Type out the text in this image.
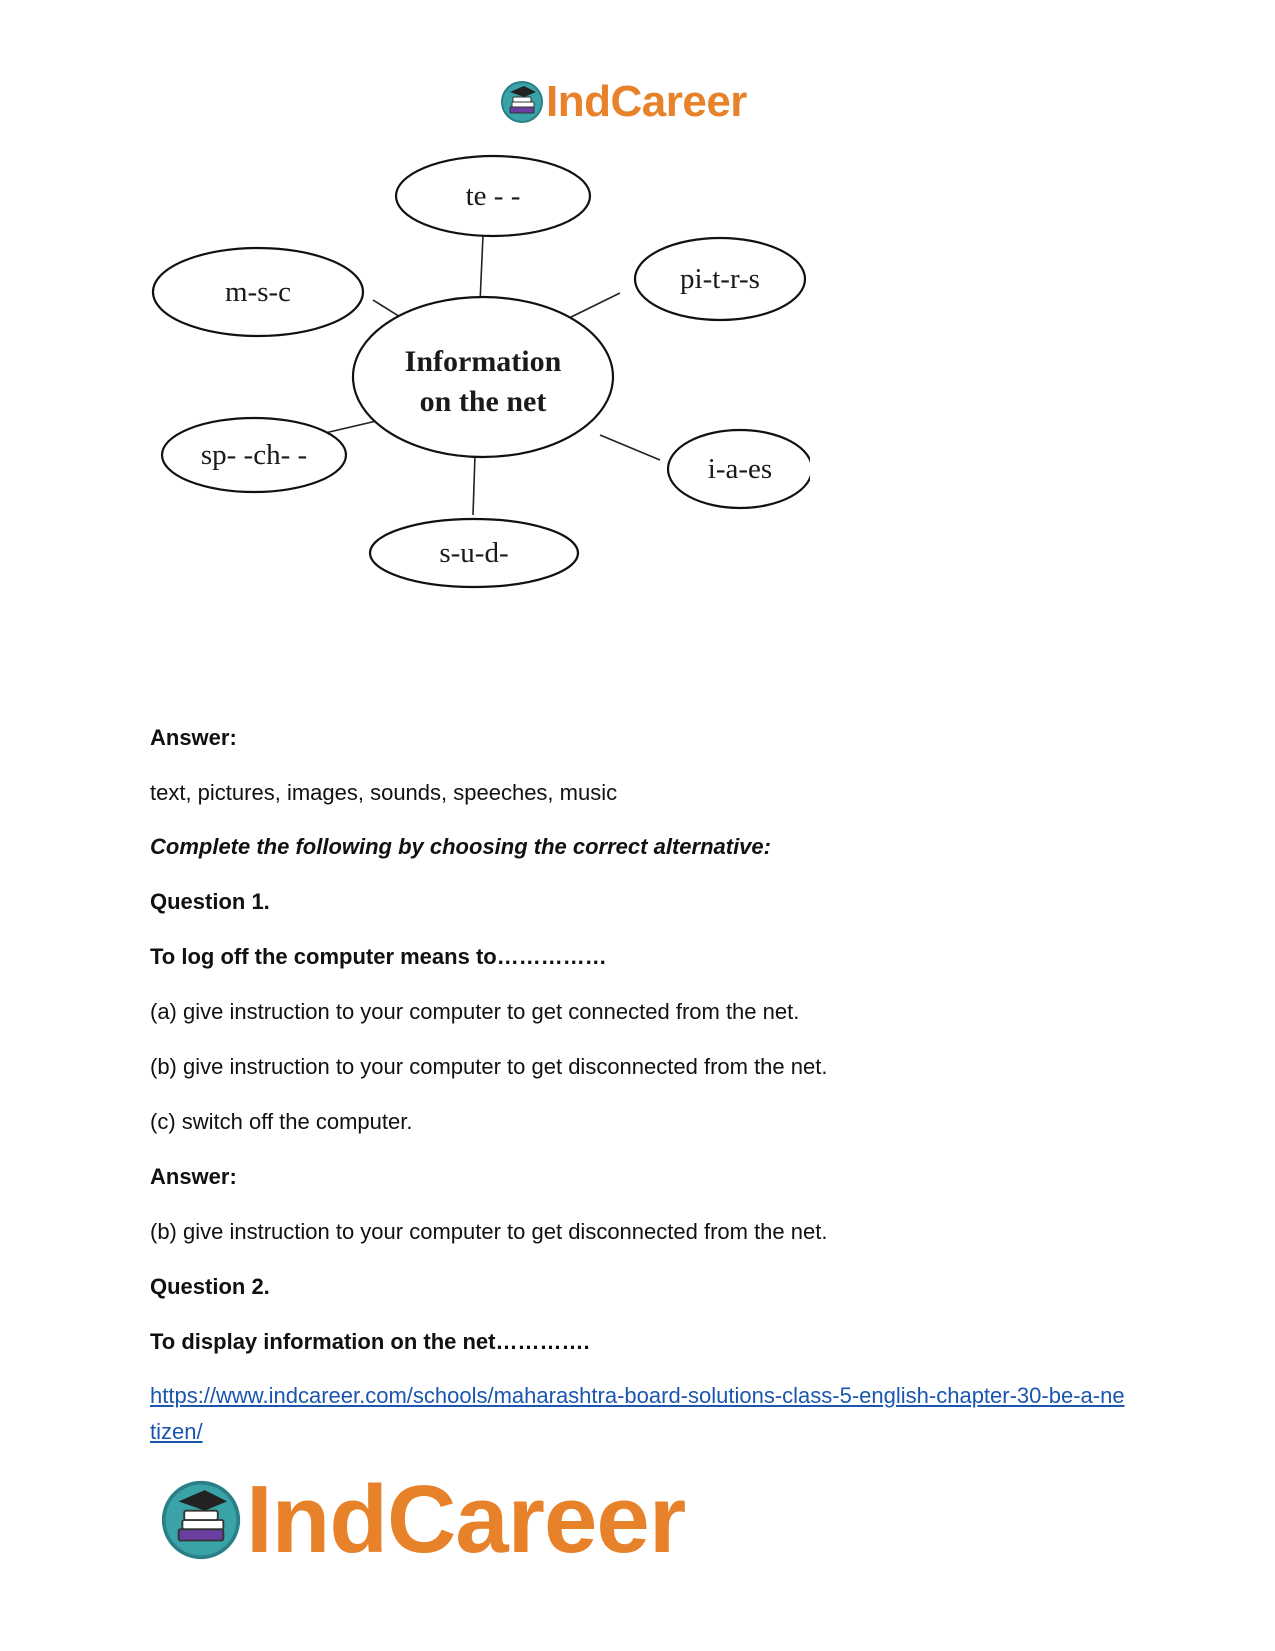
IndCareer
Information
on the net
te - -
pi-t-r-s
i-a-es
s-u-d-
sp- -ch- -
m-s-c
Answer:
text, pictures, images, sounds, speeches, music
Complete the following by choosing the correct alternative:
Question 1.
To log off the computer means to……………
(a) give instruction to your computer to get connected from the net.
(b) give instruction to your computer to get disconnected from the net.
(c) switch off the computer.
Answer:
(b) give instruction to your computer to get disconnected from the net.
Question 2.
To display information on the net………….
https://www.indcareer.com/schools/maharashtra-board-solutions-class-5-english-chapter-30-be-a-netizen/
IndCareer
